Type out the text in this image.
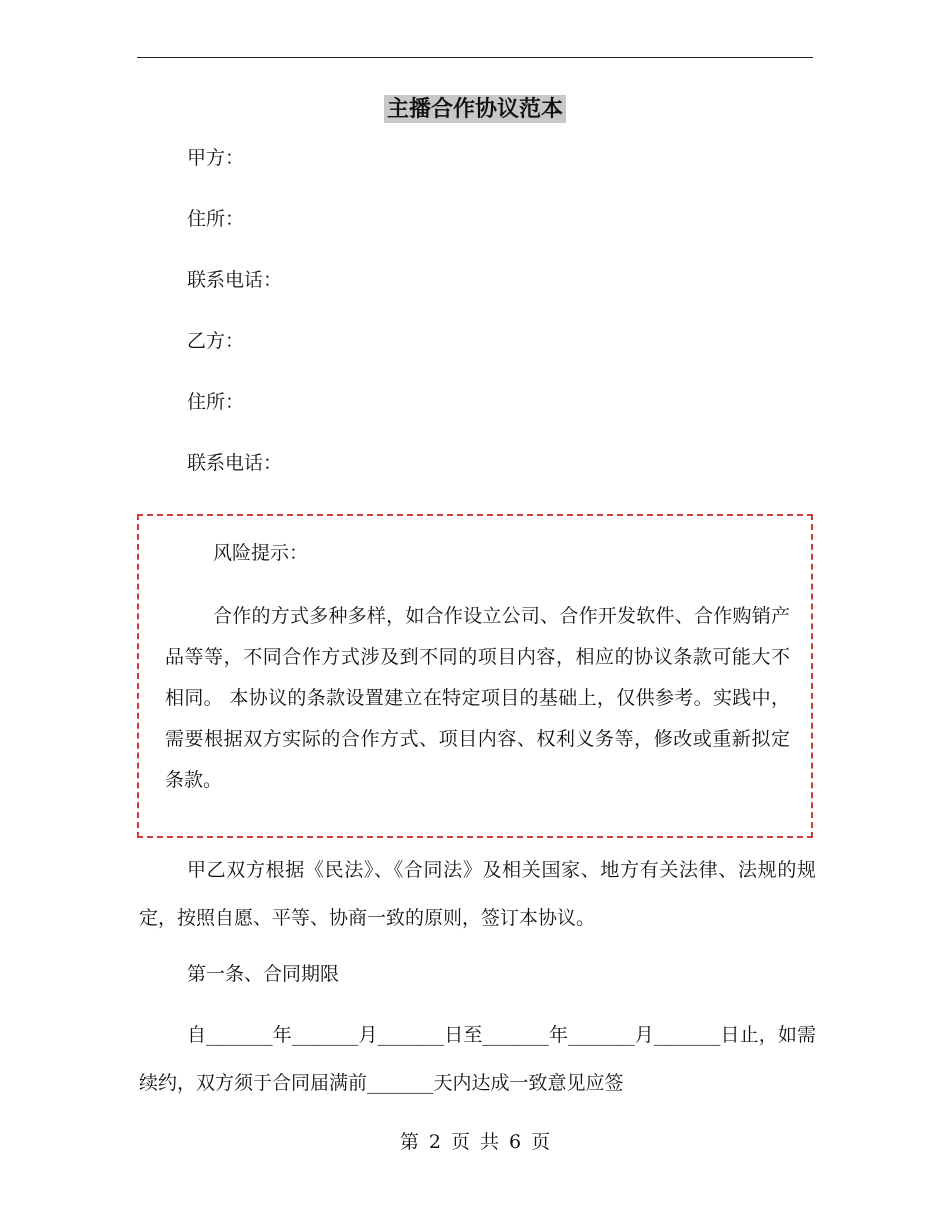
主播合作协议范本
甲方：
住所：
联系电话：
乙方：
住所：
联系电话：
风险提示：
合作的方式多种多样，如合作设立公司、合作开发软件、合作购销产品等等，不同合作方式涉及到不同的项目内容，相应的协议条款可能大不相同。 本协议的条款设置建立在特定项目的基础上，仅供参考。实践中，需要根据双方实际的合作方式、项目内容、权利义务等，修改或重新拟定条款。
甲乙双方根据《民法》、《合同法》及相关国家、地方有关法律、法规的规定，按照自愿、平等、协商一致的原则，签订本协议。
第一条、合同期限
自_______年_______月_______日至_______年_______月_______日止，如需续约，双方须于合同届满前_______天内达成一致意见应签
第 2 页 共 6 页
